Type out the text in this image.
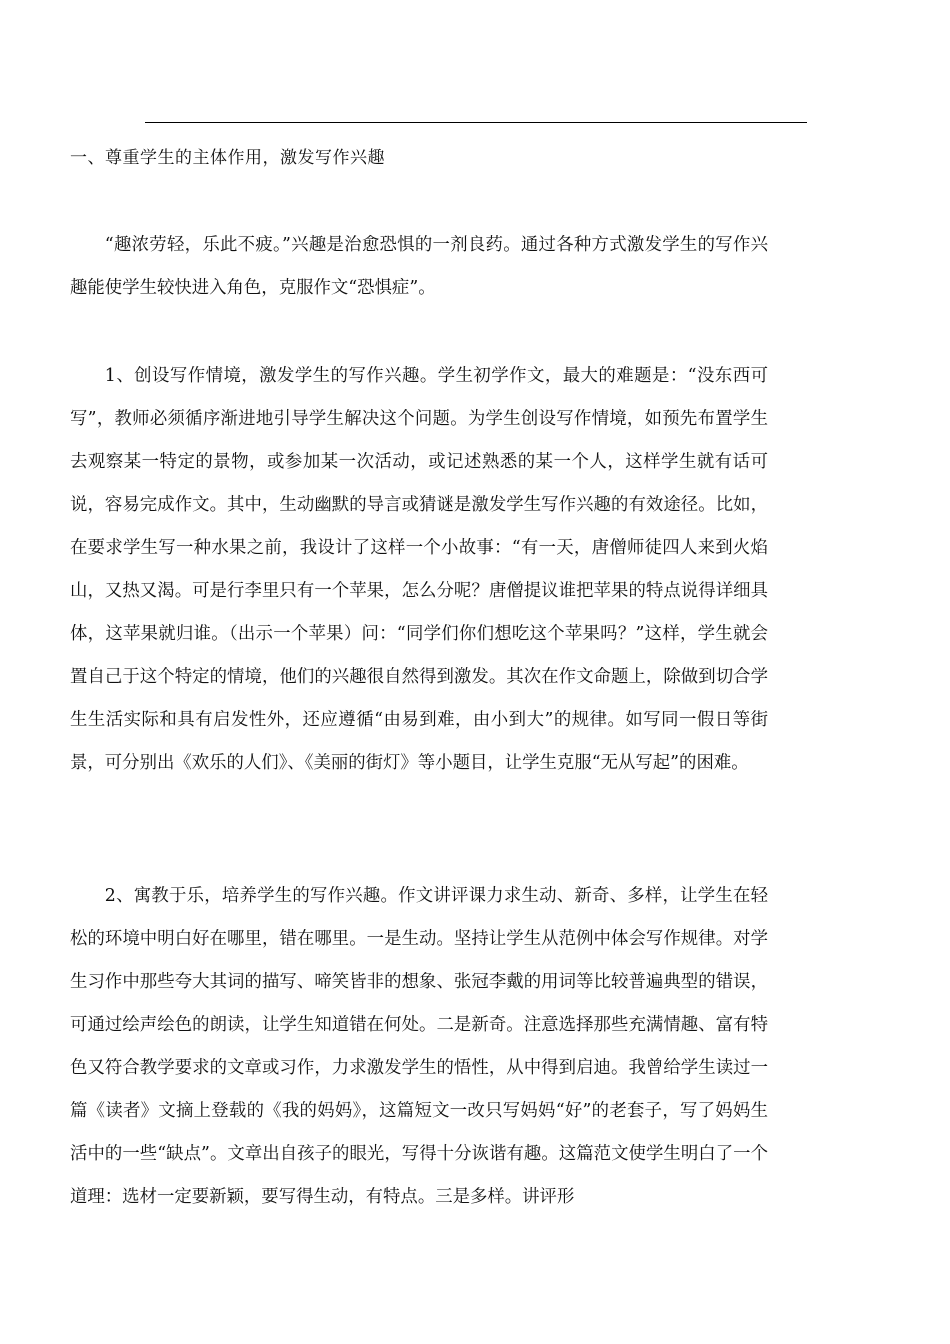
一、尊重学生的主体作用，激发写作兴趣

“趣浓劳轻，乐此不疲。”兴趣是治愈恐惧的一剂良药。通过各种方式激发学生的写作兴趣能使学生较快进入角色，克服作文“恐惧症”。

1、创设写作情境，激发学生的写作兴趣。学生初学作文，最大的难题是：“没东西可写”，教师必须循序渐进地引导学生解决这个问题。为学生创设写作情境，如预先布置学生去观察某一特定的景物，或参加某一次活动，或记述熟悉的某一个人，这样学生就有话可说，容易完成作文。其中，生动幽默的导言或猜谜是激发学生写作兴趣的有效途径。比如，在要求学生写一种水果之前，我设计了这样一个小故事：“有一天，唐僧师徒四人来到火焰山，又热又渴。可是行李里只有一个苹果，怎么分呢？唐僧提议谁把苹果的特点说得详细具体，这苹果就归谁。（出示一个苹果）问：“同学们你们想吃这个苹果吗？”这样，学生就会置自己于这个特定的情境，他们的兴趣很自然得到激发。其次在作文命题上，除做到切合学生生活实际和具有启发性外，还应遵循“由易到难，由小到大”的规律。如写同一假日等街景，可分别出《欢乐的人们》、《美丽的街灯》等小题目，让学生克服“无从写起”的困难。

2、寓教于乐，培养学生的写作兴趣。作文讲评课力求生动、新奇、多样，让学生在轻松的环境中明白好在哪里，错在哪里。一是生动。坚持让学生从范例中体会写作规律。对学生习作中那些夸大其词的描写、啼笑皆非的想象、张冠李戴的用词等比较普遍典型的错误，可通过绘声绘色的朗读，让学生知道错在何处。二是新奇。注意选择那些充满情趣、富有特色又符合教学要求的文章或习作，力求激发学生的悟性，从中得到启迪。我曾给学生读过一篇《读者》文摘上登载的《我的妈妈》，这篇短文一改只写妈妈“好”的老套子，写了妈妈生活中的一些“缺点”。文章出自孩子的眼光，写得十分诙谐有趣。这篇范文使学生明白了一个道理：选材一定要新颖，要写得生动，有特点。三是多样。讲评形
